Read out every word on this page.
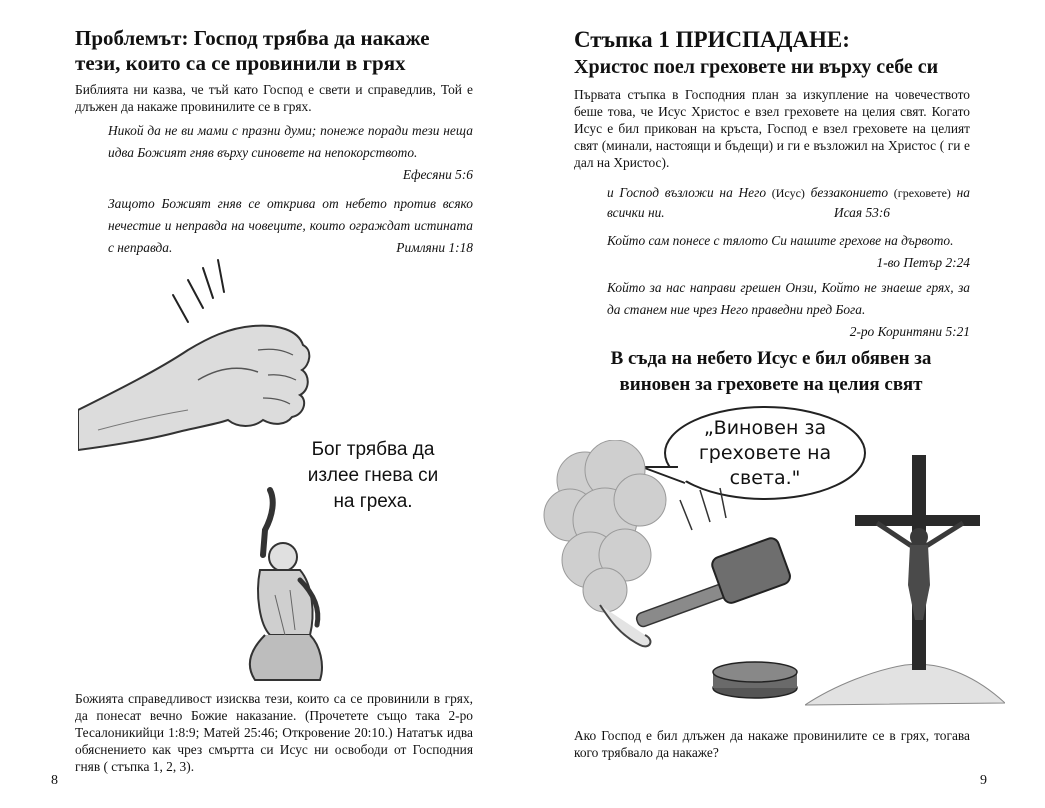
Проблемът: Господ трябва да накаже тези, които са се провинили в грях
Библията ни казва, че тъй като Господ е свети и справедлив, Той е длъжен да накаже провинилите се в грях.
Никой да не ви мами с празни думи; понеже поради тези неща идва Божият гняв върху синовете на непокорството.
Ефесяни 5:6
Защото Божият гняв се открива от небето против всяко нечестие и неправда на човеците, които ограждат истината с неправда.	Римляни 1:18
Бог трябва да излее гнева си на греха.
Божията справедливост изисква тези, които са се провинили в грях, да понесат вечно Божие наказание. (Прочетете също така 2-ро Тесалоникийци 1:8:9; Матей 25:46; Откровение 20:10.) Нататък идва обяснението как чрез смъртта си Исус ни освободи от Господния гняв ( стъпка 1, 2, 3).
8
Стъпка 1 ПРИСПАДАНЕ:
Христос поел греховете ни върху себе си
Първата стъпка в Господния план за изкупление на човечеството беше това, че Исус Христос е взел греховете на целия свят. Когато Исус е бил прикован на кръста, Господ е взел греховете на целият свят (минали, настоящи и бъдещи) и ги е възложил на Христос ( ги е дал на Христос).
и Господ възложи на Него (Исус) беззаконието (греховете) на всички ни.	Исая 53:6
Който сам понесе с тялото Си нашите грехове на дървото.
1-во Петър 2:24
Който за нас направи грешен Онзи, Който не знаеше грях, за да станем ние чрез Него праведни пред Бога.
2-ро Коринтяни 5:21
В съда на небето Исус е бил обявен за виновен за греховете на целия свят
„Виновен за греховете на света."
Ако Господ е бил длъжен да накаже провинилите се в грях, тогава кого трябвало да накаже?
9
